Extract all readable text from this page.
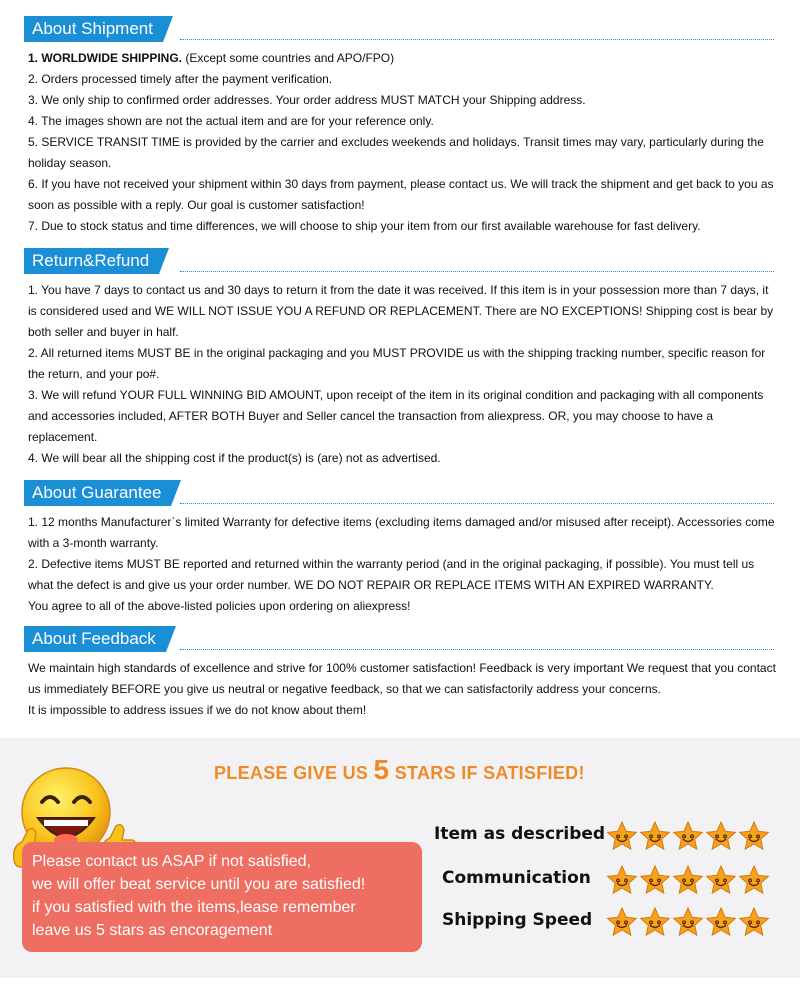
About Shipment

1. WORLDWIDE SHIPPING. (Except some countries and APO/FPO)

2. Orders processed timely after the payment verification.

3. We only ship to confirmed order addresses. Your order address MUST MATCH your Shipping address.

4. The images shown are not the actual item and are for your reference only.

5. SERVICE TRANSIT TIME is provided by the carrier and excludes weekends and holidays. Transit times may vary, particularly during the holiday season.

6. If you have not received your shipment within 30 days from payment, please contact us. We will track the shipment and get back to you as soon as possible with a reply. Our goal is customer satisfaction!

7. Due to stock status and time differences, we will choose to ship your item from our first available warehouse for fast delivery.

Return&Refund

1. You have 7 days to contact us and 30 days to return it from the date it was received. If this item is in your possession more than 7 days, it is considered used and WE WILL NOT ISSUE YOU A REFUND OR REPLACEMENT. There are NO EXCEPTIONS! Shipping cost is bear by both seller and buyer in half.

2. All returned items MUST BE in the original packaging and you MUST PROVIDE us with the shipping tracking number, specific reason for the return, and your po#.

3. We will refund YOUR FULL WINNING BID AMOUNT, upon receipt of the item in its original condition and packaging with all components and accessories included, AFTER BOTH Buyer and Seller cancel the transaction from aliexpress. OR, you may choose to have a replacement.

4. We will bear all the shipping cost if the product(s) is (are) not as advertised.

About Guarantee

1. 12 months Manufacturer`s limited Warranty for defective items (excluding items damaged and/or misused after receipt). Accessories come with a 3-month warranty.

2. Defective items MUST BE reported and returned within the warranty period (and in the original packaging, if possible). You must tell us what the defect is and give us your order number. WE DO NOT REPAIR OR REPLACE ITEMS WITH AN EXPIRED WARRANTY.

You agree to all of the above-listed policies upon ordering on aliexpress!

About Feedback

We maintain high standards of excellence and strive for 100% customer satisfaction! Feedback is very important We request that you contact us immediately BEFORE you give us neutral or negative feedback, so that we can satisfactorily address your concerns.

It is impossible to address issues if we do not know about them!

PLEASE GIVE US 5 STARS IF SATISFIED!

Please contact us ASAP if not satisfied,

we will offer beat service until you are satisfied!

if you satisfied with the items,lease remember

leave us 5 stars as encoragement

Item as described
Communication
Shipping Speed
